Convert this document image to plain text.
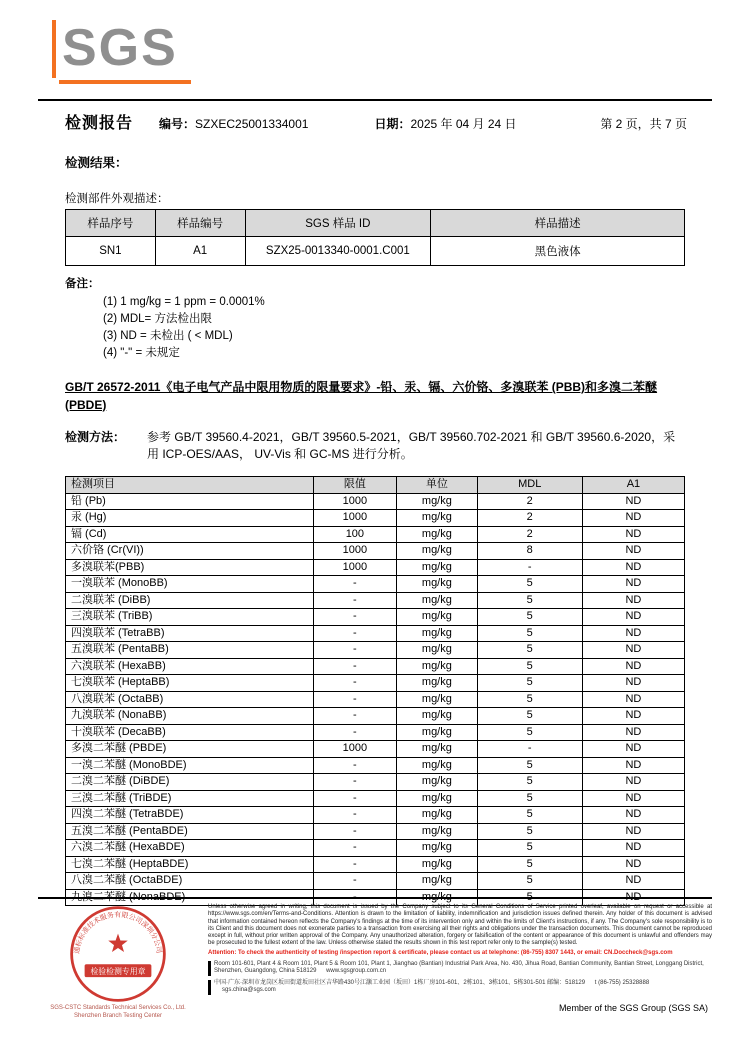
SGS
检测报告 编号：SZXEC25001334001	日期：2025 年 04 月 24 日	第 2 页，共 7 页
检测结果：
检测部件外观描述：
样品序号	样品编号	SGS 样品 ID	样品描述
SN1	A1	SZX25-0013340-0001.C001	黑色液体
备注：
(1) 1 mg/kg = 1 ppm = 0.0001%
(2) MDL= 方法检出限
(3) ND = 未检出 ( < MDL)
(4) "-" = 未规定
GB/T 26572-2011《电子电气产品中限用物质的限量要求》-铅、汞、镉、六价铬、多溴联苯 (PBB)和多溴二苯醚 (PBDE)
检测方法：	参考 GB/T 39560.4-2021，GB/T 39560.5-2021，GB/T 39560.702-2021 和 GB/T 39560.6-2020，采用 ICP-OES/AAS， UV-Vis 和 GC-MS 进行分析。
检测项目	限值	单位	MDL	A1
铅 (Pb)	1000	mg/kg	2	ND
汞 (Hg)	1000	mg/kg	2	ND
镉 (Cd)	100	mg/kg	2	ND
六价铬 (Cr(VI))	1000	mg/kg	8	ND
多溴联苯(PBB)	1000	mg/kg	-	ND
一溴联苯 (MonoBB)	-	mg/kg	5	ND
二溴联苯 (DiBB)	-	mg/kg	5	ND
三溴联苯 (TriBB)	-	mg/kg	5	ND
四溴联苯 (TetraBB)	-	mg/kg	5	ND
五溴联苯 (PentaBB)	-	mg/kg	5	ND
六溴联苯 (HexaBB)	-	mg/kg	5	ND
七溴联苯 (HeptaBB)	-	mg/kg	5	ND
八溴联苯 (OctaBB)	-	mg/kg	5	ND
九溴联苯 (NonaBB)	-	mg/kg	5	ND
十溴联苯 (DecaBB)	-	mg/kg	5	ND
多溴二苯醚 (PBDE)	1000	mg/kg	-	ND
一溴二苯醚 (MonoBDE)	-	mg/kg	5	ND
二溴二苯醚 (DiBDE)	-	mg/kg	5	ND
三溴二苯醚 (TriBDE)	-	mg/kg	5	ND
四溴二苯醚 (TetraBDE)	-	mg/kg	5	ND
五溴二苯醚 (PentaBDE)	-	mg/kg	5	ND
六溴二苯醚 (HexaBDE)	-	mg/kg	5	ND
七溴二苯醚 (HeptaBDE)	-	mg/kg	5	ND
八溴二苯醚 (OctaBDE)	-	mg/kg	5	ND
九溴二苯醚 (NonaBDE)	-	mg/kg	5	ND
通标标准技术服务有限公司深圳分公司
检验检测专用章
SGS-CSTC Standards Technical Services Co., Ltd.
Shenzhen Branch Testing Center
Unless otherwise agreed in writing, this document is issued by the Company subject to its General Conditions of Service printed overleaf, available on request or accessible at https://www.sgs.com/en/Terms-and-Conditions. Attention is drawn to the limitation of liability, indemnification and jurisdiction issues defined therein. Any holder of this document is advised that information contained hereon reflects the Company's findings at the time of its intervention only and within the limits of Client's instructions, if any. The Company's sole responsibility is to its Client and this document does not exonerate parties to a transaction from exercising all their rights and obligations under the transaction documents. This document cannot be reproduced except in full, without prior written approval of the Company. Any unauthorized alteration, forgery or falsification of the content or appearance of this document is unlawful and offenders may be prosecuted to the fullest extent of the law. Unless otherwise stated the results shown in this test report refer only to the sample(s) tested.
Attention: To check the authenticity of testing /inspection report & certificate, please contact us at telephone: (86-755) 8307 1443, or email: CN.Doccheck@sgs.com
Room 101-601, Plant 4 & Room 101, Plant 5 & Room 101, Plant 1, Jianghao (Bantian) Industrial Park Area, No. 430, Jihua Road, Bantian Community, Bantian Street, Longgang District, Shenzhen, Guangdong, China 518129 www.sgsgroup.com.cn
中国·广东·深圳市龙岗区坂田街道坂田社区吉华路430号江灏工业园（坂田）1栋厂房101-601、2栋101、3栋101、5栋301-501 邮编：518129 t (86-755) 25328888 sgs.china@sgs.com
Member of the SGS Group (SGS SA)
